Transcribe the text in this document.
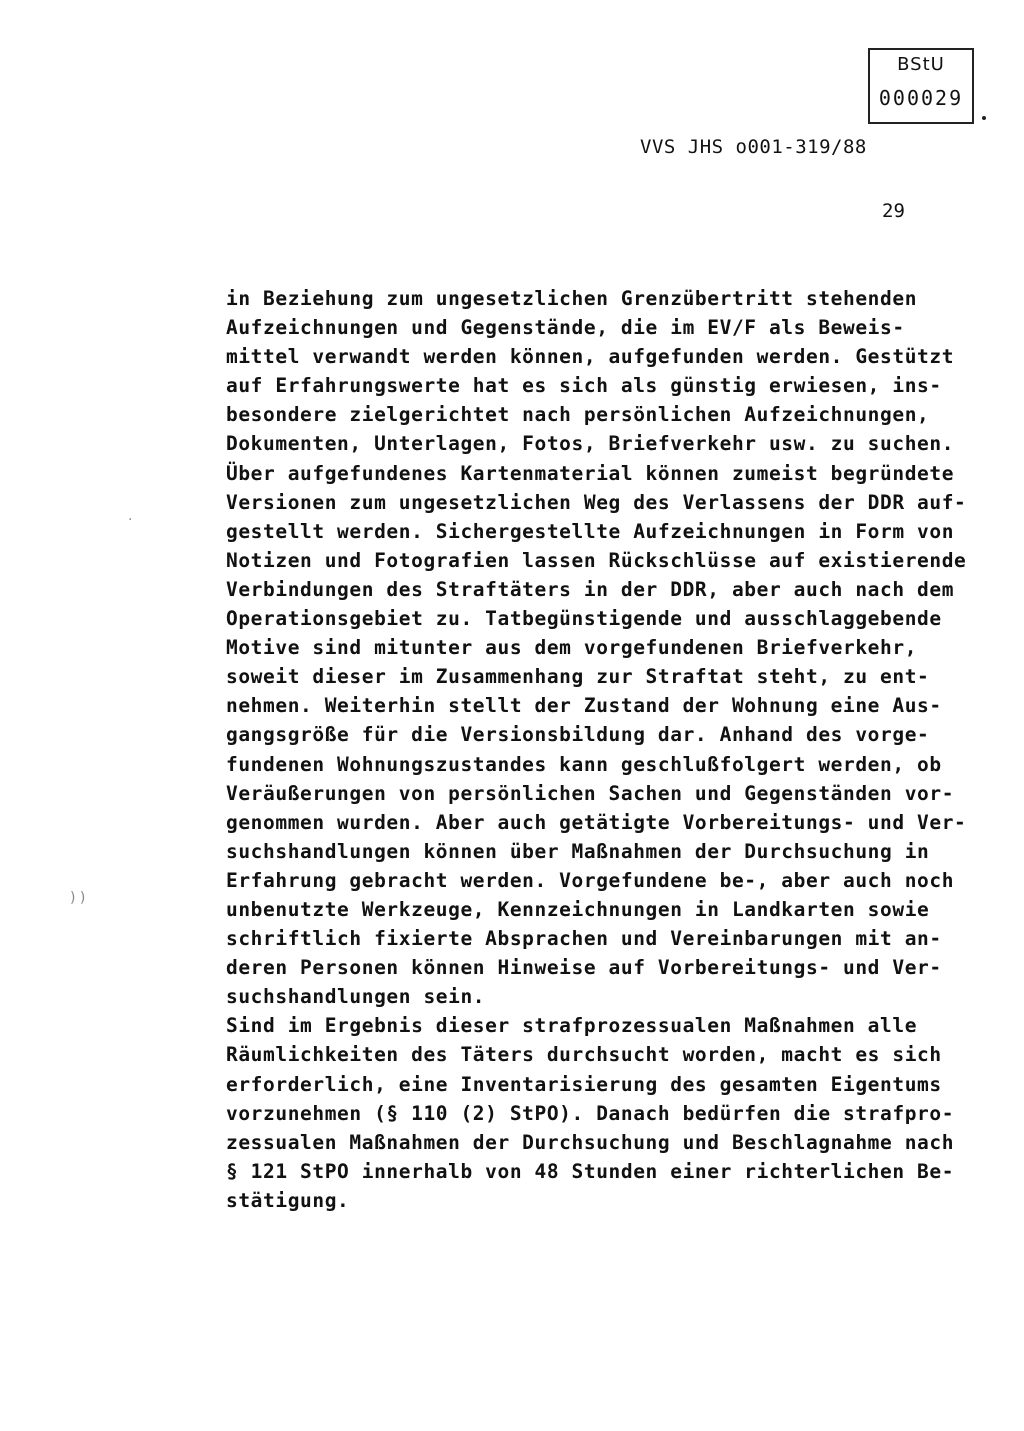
BStU
000029
VVS JHS o001-319/88
29
·
) )
in Beziehung zum ungesetzlichen Grenzübertritt stehenden
Aufzeichnungen und Gegenstände, die im EV/F als Beweis-
mittel verwandt werden können, aufgefunden werden. Gestützt
auf Erfahrungswerte hat es sich als günstig erwiesen, ins-
besondere zielgerichtet nach persönlichen Aufzeichnungen,
Dokumenten, Unterlagen, Fotos, Briefverkehr usw. zu suchen.
Über aufgefundenes Kartenmaterial können zumeist begründete
Versionen zum ungesetzlichen Weg des Verlassens der DDR auf-
gestellt werden. Sichergestellte Aufzeichnungen in Form von
Notizen und Fotografien lassen Rückschlüsse auf existierende
Verbindungen des Straftäters in der DDR, aber auch nach dem
Operationsgebiet zu. Tatbegünstigende und ausschlaggebende
Motive sind mitunter aus dem vorgefundenen Briefverkehr,
soweit dieser im Zusammenhang zur Straftat steht, zu ent-
nehmen. Weiterhin stellt der Zustand der Wohnung eine Aus-
gangsgröße für die Versionsbildung dar. Anhand des vorge-
fundenen Wohnungszustandes kann geschlußfolgert werden, ob
Veräußerungen von persönlichen Sachen und Gegenständen vor-
genommen wurden. Aber auch getätigte Vorbereitungs- und Ver-
suchshandlungen können über Maßnahmen der Durchsuchung in
Erfahrung gebracht werden. Vorgefundene be-, aber auch noch
unbenutzte Werkzeuge, Kennzeichnungen in Landkarten sowie
schriftlich fixierte Absprachen und Vereinbarungen mit an-
deren Personen können Hinweise auf Vorbereitungs- und Ver-
suchshandlungen sein.
Sind im Ergebnis dieser strafprozessualen Maßnahmen alle
Räumlichkeiten des Täters durchsucht worden, macht es sich
erforderlich, eine Inventarisierung des gesamten Eigentums
vorzunehmen (§ 110 (2) StPO). Danach bedürfen die strafpro-
zessualen Maßnahmen der Durchsuchung und Beschlagnahme nach
§ 121 StPO innerhalb von 48 Stunden einer richterlichen Be-
stätigung.
